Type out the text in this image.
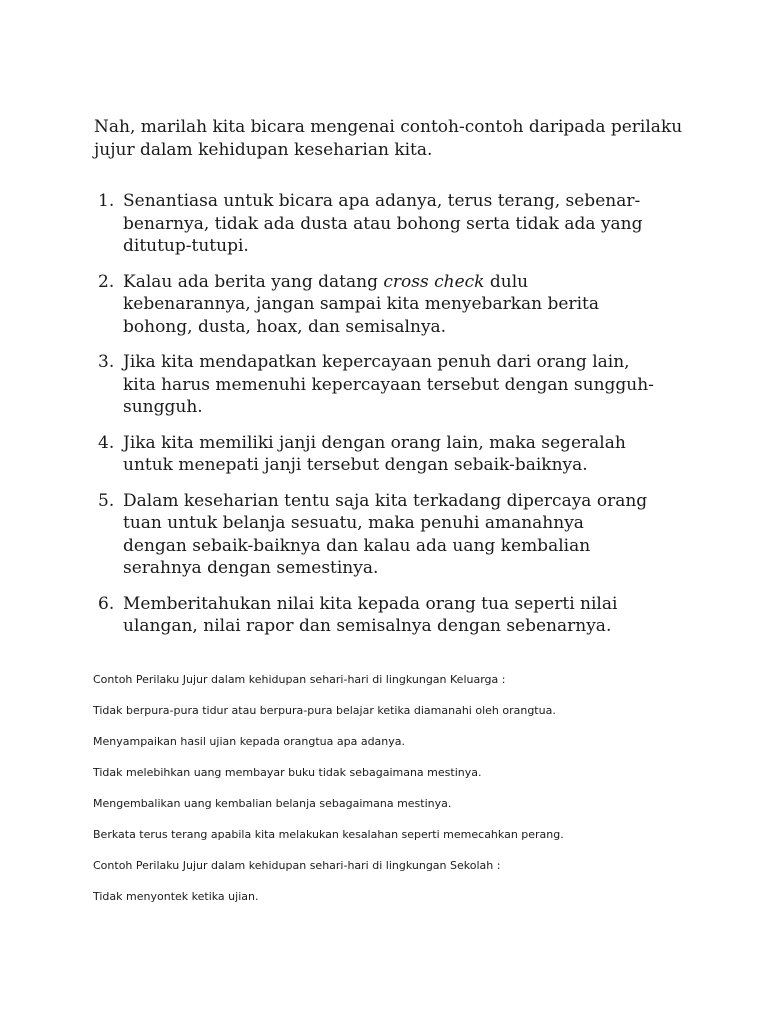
Nah, marilah kita bicara mengenai contoh-contoh daripada perilaku jujur dalam kehidupan keseharian kita.

1. Senantiasa untuk bicara apa adanya, terus terang, sebenar-
benarnya, tidak ada dusta atau bohong serta tidak ada yang
ditutup-tutupi.
2. Kalau ada berita yang datang cross check dulu
kebenarannya, jangan sampai kita menyebarkan berita
bohong, dusta, hoax, dan semisalnya.
3. Jika kita mendapatkan kepercayaan penuh dari orang lain,
kita harus memenuhi kepercayaan tersebut dengan sungguh-
sungguh.
4. Jika kita memiliki janji dengan orang lain, maka segeralah
untuk menepati janji tersebut dengan sebaik-baiknya.
5. Dalam keseharian tentu saja kita terkadang dipercaya orang
tuan untuk belanja sesuatu, maka penuhi amanahnya
dengan sebaik-baiknya dan kalau ada uang kembalian
serahnya dengan semestinya.
6. Memberitahukan nilai kita kepada orang tua seperti nilai
ulangan, nilai rapor dan semisalnya dengan sebenarnya.

Contoh Perilaku Jujur dalam kehidupan sehari-hari di lingkungan Keluarga :

Tidak berpura-pura tidur atau berpura-pura belajar ketika diamanahi oleh orangtua.

Menyampaikan hasil ujian kepada orangtua apa adanya.

Tidak melebihkan uang membayar buku tidak sebagaimana mestinya.

Mengembalikan uang kembalian belanja sebagaimana mestinya.

Berkata terus terang apabila kita melakukan kesalahan seperti memecahkan perang.

Contoh Perilaku Jujur dalam kehidupan sehari-hari di lingkungan Sekolah :

Tidak menyontek ketika ujian.
